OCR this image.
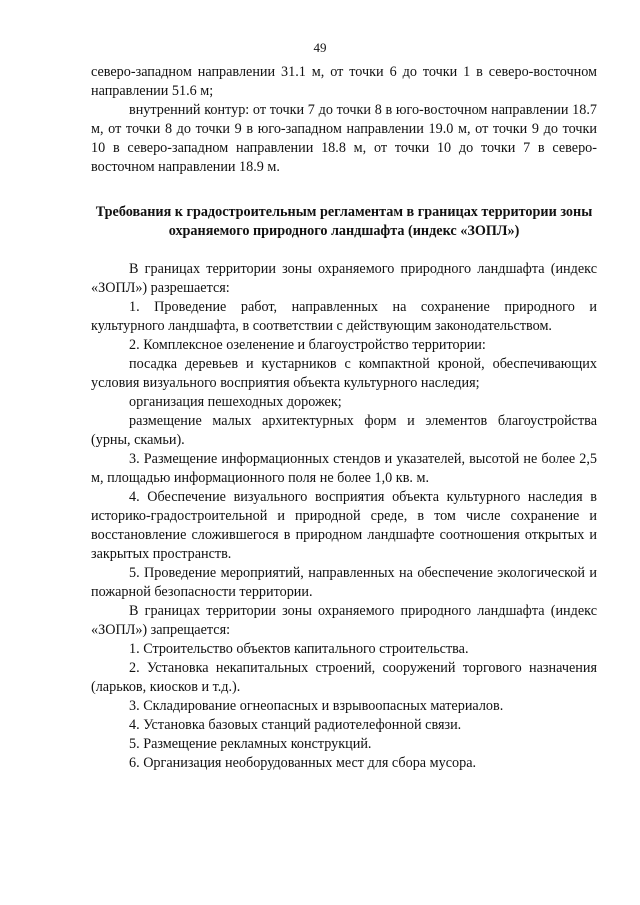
49

северо-западном направлении 31.1 м, от точки 6 до точки 1 в северо-восточном направлении 51.6 м;

внутренний контур: от точки 7 до точки 8 в юго-восточном направлении 18.7 м, от точки 8 до точки 9 в юго-западном направлении 19.0 м, от точки 9 до точки 10 в северо-западном направлении 18.8 м, от точки 10 до точки 7 в северо-восточном направлении 18.9 м.

Требования к градостроительным регламентам в границах территории зоны охраняемого природного ландшафта (индекс «ЗОПЛ»)

В границах территории зоны охраняемого природного ландшафта (индекс «ЗОПЛ») разрешается:

1. Проведение работ, направленных на сохранение природного и культурного ландшафта, в соответствии с действующим законодательством.

2. Комплексное озеленение и благоустройство территории:

посадка деревьев и кустарников с компактной кроной, обеспечивающих условия визуального восприятия объекта культурного наследия;

организация пешеходных дорожек;

размещение малых архитектурных форм и элементов благоустройства (урны, скамьи).

3. Размещение информационных стендов и указателей, высотой не более 2,5 м, площадью информационного поля не более 1,0 кв. м.

4. Обеспечение визуального восприятия объекта культурного наследия в историко-градостроительной и природной среде, в том числе сохранение и восстановление сложившегося в природном ландшафте соотношения открытых и закрытых пространств.

5. Проведение мероприятий, направленных на обеспечение экологической и пожарной безопасности территории.

В границах территории зоны охраняемого природного ландшафта (индекс «ЗОПЛ») запрещается:

1. Строительство объектов капитального строительства.

2. Установка некапитальных строений, сооружений торгового назначения (ларьков, киосков и т.д.).

3. Складирование огнеопасных и взрывоопасных материалов.

4. Установка базовых станций радиотелефонной связи.

5. Размещение рекламных конструкций.

6. Организация необорудованных мест для сбора мусора.
